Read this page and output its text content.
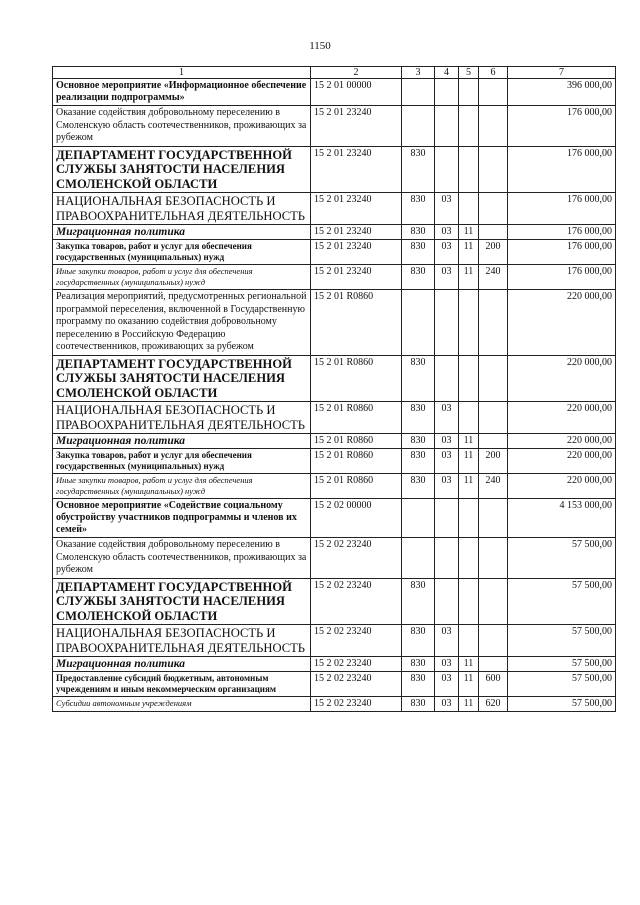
1150
1	2	3	4	5	6	7
Основное мероприятие «Информационное обеспечение реализации подпрограммы»	15 2 01 00000					396 000,00
Оказание содействия добровольному переселению в Смоленскую область соотечественников, проживающих за рубежом	15 2 01 23240					176 000,00
ДЕПАРТАМЕНТ ГОСУДАРСТВЕННОЙ СЛУЖБЫ ЗАНЯТОСТИ НАСЕЛЕНИЯ СМОЛЕНСКОЙ ОБЛАСТИ	15 2 01 23240	830				176 000,00
НАЦИОНАЛЬНАЯ БЕЗОПАСНОСТЬ И ПРАВООХРАНИТЕЛЬНАЯ ДЕЯТЕЛЬНОСТЬ	15 2 01 23240	830	03			176 000,00
Миграционная политика	15 2 01 23240	830	03	11		176 000,00
Закупка товаров, работ и услуг для обеспечения государственных (муниципальных) нужд	15 2 01 23240	830	03	11	200	176 000,00
Иные закупки товаров, работ и услуг для обеспечения государственных (муниципальных) нужд	15 2 01 23240	830	03	11	240	176 000,00
Реализация мероприятий, предусмотренных региональной программой переселения, включенной в Государственную программу по оказанию содействия добровольному переселению в Российскую Федерацию соотечественников, проживающих за рубежом	15 2 01 R0860					220 000,00
ДЕПАРТАМЕНТ ГОСУДАРСТВЕННОЙ СЛУЖБЫ ЗАНЯТОСТИ НАСЕЛЕНИЯ СМОЛЕНСКОЙ ОБЛАСТИ	15 2 01 R0860	830				220 000,00
НАЦИОНАЛЬНАЯ БЕЗОПАСНОСТЬ И ПРАВООХРАНИТЕЛЬНАЯ ДЕЯТЕЛЬНОСТЬ	15 2 01 R0860	830	03			220 000,00
Миграционная политика	15 2 01 R0860	830	03	11		220 000,00
Закупка товаров, работ и услуг для обеспечения государственных (муниципальных) нужд	15 2 01 R0860	830	03	11	200	220 000,00
Иные закупки товаров, работ и услуг для обеспечения государственных (муниципальных) нужд	15 2 01 R0860	830	03	11	240	220 000,00
Основное мероприятие «Содействие социальному обустройству участников подпрограммы и членов их семей»	15 2 02 00000					4 153 000,00
Оказание содействия добровольному переселению в Смоленскую область соотечественников, проживающих за рубежом	15 2 02 23240					57 500,00
ДЕПАРТАМЕНТ ГОСУДАРСТВЕННОЙ СЛУЖБЫ ЗАНЯТОСТИ НАСЕЛЕНИЯ СМОЛЕНСКОЙ ОБЛАСТИ	15 2 02 23240	830				57 500,00
НАЦИОНАЛЬНАЯ БЕЗОПАСНОСТЬ И ПРАВООХРАНИТЕЛЬНАЯ ДЕЯТЕЛЬНОСТЬ	15 2 02 23240	830	03			57 500,00
Миграционная политика	15 2 02 23240	830	03	11		57 500,00
Предоставление субсидий бюджетным, автономным учреждениям и иным некоммерческим организациям	15 2 02 23240	830	03	11	600	57 500,00
Субсидии автономным учреждениям	15 2 02 23240	830	03	11	620	57 500,00
